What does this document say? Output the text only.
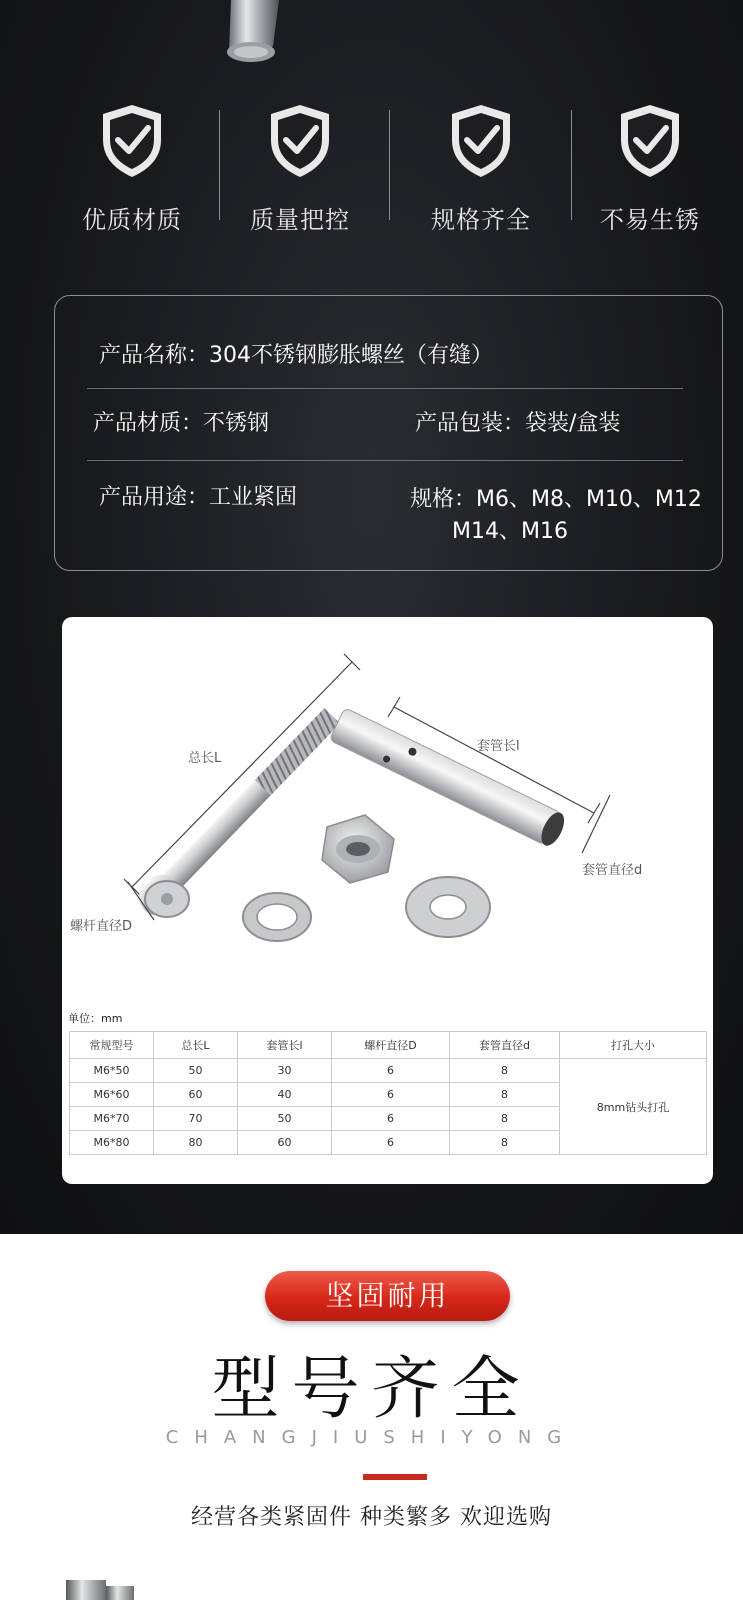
优质材质	质量把控	规格齐全	不易生锈
产品名称：304不锈钢膨胀螺丝（有缝）
产品材质：不锈钢	产品包装：袋装/盒装
产品用途：工业紧固	规格：M6、M8、M10、M12
M14、M16
总长L
套管长l
套管直径d
螺杆直径D
单位：mm
常规型号	总长L	套管长l	螺杆直径D	套管直径d	打孔大小
M6*50	50	30	6	8	8mm钻头打孔
M6*60	60	40	6	8	
M6*70	70	50	6	8	
M6*80	80	60	6	8	
坚固耐用
型号齐全
CHANGJIUSHIYONG
经营各类紧固件 种类繁多 欢迎选购
